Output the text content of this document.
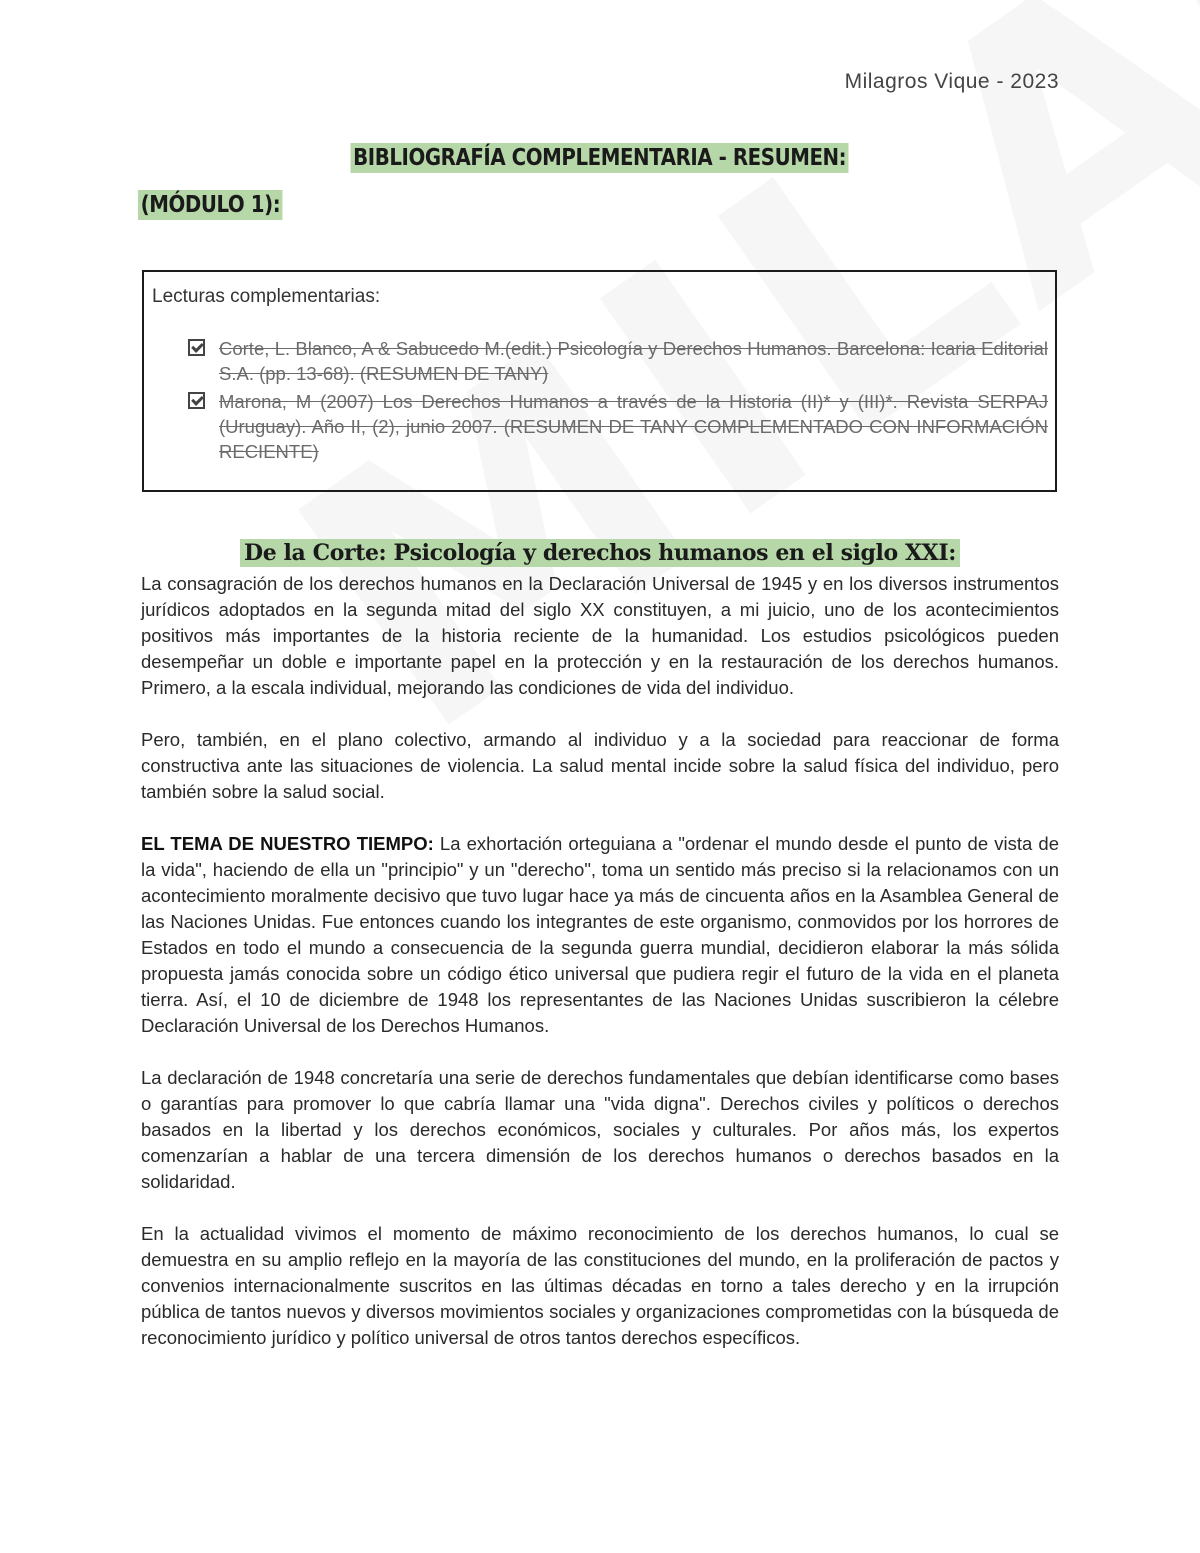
Milagros Vique - 2023
BIBLIOGRAFÍA COMPLEMENTARIA - RESUMEN:
(MÓDULO 1):
Lecturas complementarias:
Corte, L. Blanco, A & Sabucedo M.(edit.) Psicología y Derechos Humanos. Barcelona: Icaria Editorial S.A. (pp. 13-68). (RESUMEN DE TANY)
Marona, M (2007) Los Derechos Humanos a través de la Historia (II)* y (III)*. Revista SERPAJ (Uruguay). Año II, (2), junio 2007. (RESUMEN DE TANY COMPLEMENTADO CON INFORMACIÓN RECIENTE)
De la Corte: Psicología y derechos humanos en el siglo XXI:

La consagración de los derechos humanos en la Declaración Universal de 1945 y en los diversos instrumentos jurídicos adoptados en la segunda mitad del siglo XX constituyen, a mi juicio, uno de los acontecimientos positivos más importantes de la historia reciente de la humanidad. Los estudios psicológicos pueden desempeñar un doble e importante papel en la protección y en la restauración de los derechos humanos. Primero, a la escala individual, mejorando las condiciones de vida del individuo.

Pero, también, en el plano colectivo, armando al individuo y a la sociedad para reaccionar de forma constructiva ante las situaciones de violencia. La salud mental incide sobre la salud física del individuo, pero también sobre la salud social.

EL TEMA DE NUESTRO TIEMPO: La exhortación orteguiana a "ordenar el mundo desde el punto de vista de la vida", haciendo de ella un "principio" y un "derecho", toma un sentido más preciso si la relacionamos con un acontecimiento moralmente decisivo que tuvo lugar hace ya más de cincuenta años en la Asamblea General de las Naciones Unidas. Fue entonces cuando los integrantes de este organismo, conmovidos por los horrores de Estados en todo el mundo a consecuencia de la segunda guerra mundial, decidieron elaborar la más sólida propuesta jamás conocida sobre un código ético universal que pudiera regir el futuro de la vida en el planeta tierra. Así, el 10 de diciembre de 1948 los representantes de las Naciones Unidas suscribieron la célebre Declaración Universal de los Derechos Humanos.

La declaración de 1948 concretaría una serie de derechos fundamentales que debían identificarse como bases o garantías para promover lo que cabría llamar una "vida digna". Derechos civiles y políticos o derechos basados en la libertad y los derechos económicos, sociales y culturales. Por años más, los expertos comenzarían a hablar de una tercera dimensión de los derechos humanos o derechos basados en la solidaridad.

En la actualidad vivimos el momento de máximo reconocimiento de los derechos humanos, lo cual se demuestra en su amplio reflejo en la mayoría de las constituciones del mundo, en la proliferación de pactos y convenios internacionalmente suscritos en las últimas décadas en torno a tales derecho y en la irrupción pública de tantos nuevos y diversos movimientos sociales y organizaciones comprometidas con la búsqueda de reconocimiento jurídico y político universal de otros tantos derechos específicos.
